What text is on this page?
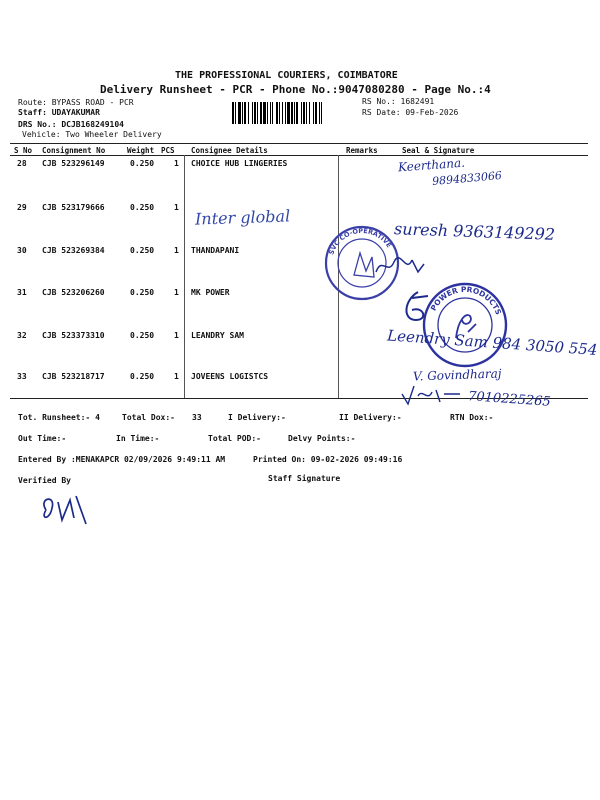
THE PROFESSIONAL COURIERS, COIMBATORE
Delivery Runsheet - PCR - Phone No.:9047080280 - Page No.:4
Route: BYPASS ROAD - PCR
Staff: UDAYAKUMAR
DRS No.: DCJB168249104
Vehicle: Two Wheeler Delivery
RS No.: 1682491
RS Date: 09-Feb-2026
S No Consignment No	Weight PCS Consignee Details	Remarks	Seal & Signature
28 CJB 523296149	0.250 1 CHOICE HUB LINGERIES
29 CJB 523179666	0.250 1
30 CJB 523269384	0.250 1 THANDAPANI
31 CJB 523206260	0.250 1 MK POWER
32 CJB 523373310	0.250 1 LEANDRY SAM
33 CJB 523218717	0.250 1 JOVEENS LOGISTCS
SVC CO-OPERATIVE
POWER PRODUCTS
Keerthana.
9894833066
Inter global
suresh 9363149292
Leendry Sam 984 3050 554
V. Govindharaj
7010225265
Tot. Runsheet:- 4	Total Dox:- 33	I Delivery:-	II Delivery:-	RTN Dox:-
Out Time:-	In Time:-	Total POD:-	Delvy Points:-
Entered By :MENAKAPCR 02/09/2026 9:49:11 AM	Printed On: 09-02-2026 09:49:16
Verified By	Staff Signature
